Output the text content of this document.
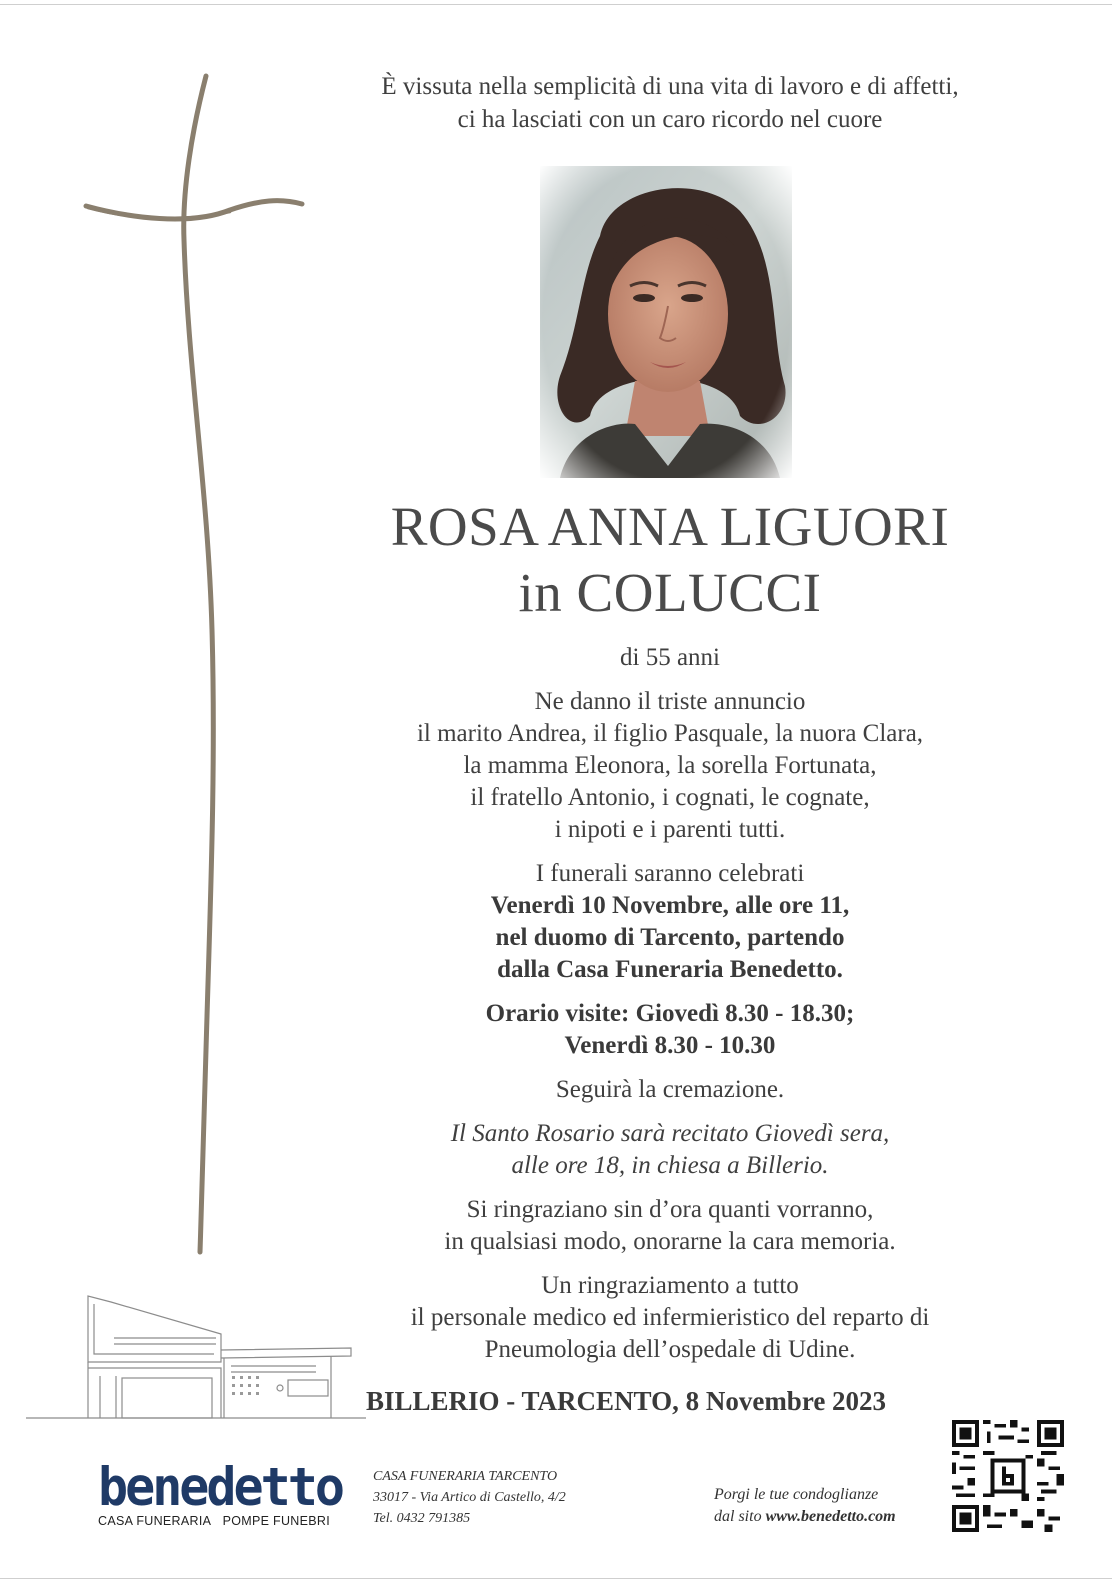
È vissuta nella semplicità di una vita di lavoro e di affetti,
ci ha lasciati con un caro ricordo nel cuore
ROSA ANNA LIGUORI
in COLUCCI
di 55 anni
Ne danno il triste annuncio
il marito Andrea, il figlio Pasquale, la nuora Clara,
la mamma Eleonora, la sorella Fortunata,
il fratello Antonio, i cognati, le cognate,
i nipoti e i parenti tutti.
I funerali saranno celebrati
Venerdì 10 Novembre, alle ore 11,
nel duomo di Tarcento, partendo
dalla Casa Funeraria Benedetto.
Orario visite: Giovedì 8.30 - 18.30;
Venerdì 8.30 - 10.30
Seguirà la cremazione.
Il Santo Rosario sarà recitato Giovedì sera,
alle ore 18, in chiesa a Billerio.
Si ringraziano sin d’ora quanti vorranno,
in qualsiasi modo, onorarne la cara memoria.
Un ringraziamento a tutto
il personale medico ed infermieristico del reparto di
Pneumologia dell’ospedale di Udine.
BILLERIO - TARCENTO, 8 Novembre 2023
benedetto
CASA FUNERARIA POMPE FUNEBRI
CASA FUNERARIA TARCENTO
33017 - Via Artico di Castello, 4/2
Tel. 0432 791385
Porgi le tue condoglianze
dal sito www.benedetto.com
